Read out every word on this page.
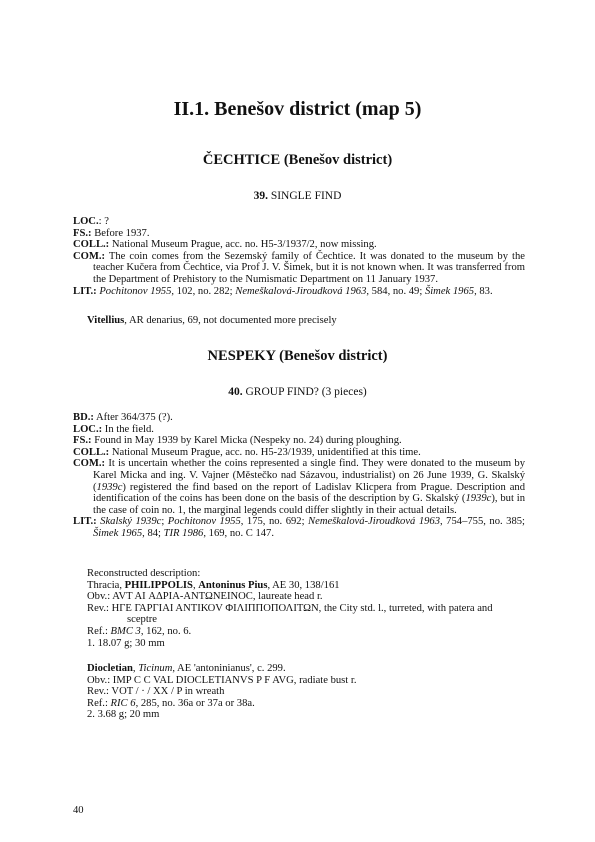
II.1. Benešov district (map 5)
ČECHTICE (Benešov district)
39. SINGLE FIND
LOC.: ?
FS.: Before 1937.
COLL.: National Museum Prague, acc. no. H5-3/1937/2, now missing.
COM.: The coin comes from the Sezemský family of Čechtice. It was donated to the museum by the teacher Kučera from Čechtice, via Prof J. V. Šimek, but it is not known when. It was transferred from the Department of Prehistory to the Numismatic Department on 11 January 1937.
LIT.: Pochitonov 1955, 102, no. 282; Nemeškalová-Jiroudková 1963, 584, no. 49; Šimek 1965, 83.
Vitellius, AR denarius, 69, not documented more precisely
NESPEKY (Benešov district)
40. GROUP FIND? (3 pieces)
BD.: After 364/375 (?).
LOC.: In the field.
FS.: Found in May 1939 by Karel Micka (Nespeky no. 24) during ploughing.
COLL.: National Museum Prague, acc. no. H5-23/1939, unidentified at this time.
COM.: It is uncertain whether the coins represented a single find. They were donated to the museum by Karel Micka and ing. V. Vajner (Městečko nad Sázavou, industrialist) on 26 June 1939, G. Skalský (1939c) registered the find based on the report of Ladislav Klicpera from Prague. Description and identification of the coins has been done on the basis of the description by G. Skalský (1939c), but in the case of coin no. 1, the marginal legends could differ slightly in their actual details.
LIT.: Skalský 1939c; Pochitonov 1955, 175, no. 692; Nemeškalová-Jiroudková 1963, 754–755, no. 385; Šimek 1965, 84; TIR 1986, 169, no. C 147.
Reconstructed description:
Thracia, PHILIPPOLIS, Antoninus Pius, AE 30, 138/161
Obv.: AVT AI ΑΔΡΙΑ-ΑΝΤΩΝΕΙΝΟC, laureate head r.
Rev.: ΗΓΕ ΓΑΡΓΙΑΙ ΑΝΤΙΚΟV ΦΙΛΙΠΠΟΠΟΛΙΤΩΝ, the City std. l., turreted, with patera and
sceptre
Ref.: BMC 3, 162, no. 6.
1. 18.07 g; 30 mm
Diocletian, Ticinum, AE 'antoninianus', c. 299.
Obv.: IMP C C VAL DIOCLETIANVS P F AVG, radiate bust r.
Rev.: VOT / · / XX / P in wreath
Ref.: RIC 6, 285, no. 36a or 37a or 38a.
2. 3.68 g; 20 mm
40
